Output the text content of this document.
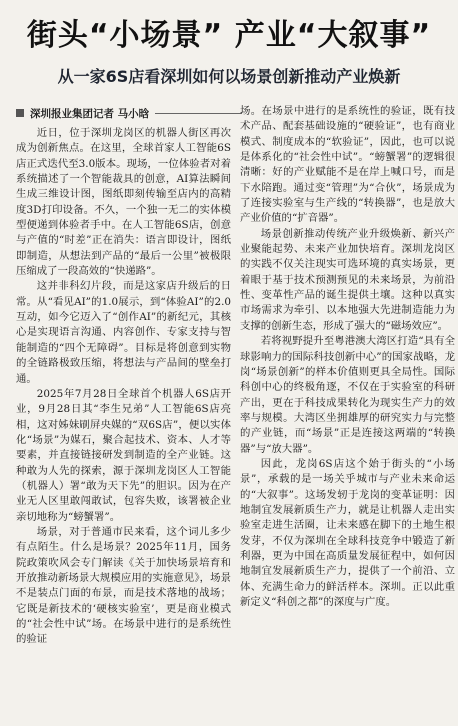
街头“小场景” 产业“大叙事”
从一家6S店看深圳如何以场景创新推动产业焕新
深圳报业集团记者 马小晗

近日，位于深圳龙岗区的机器人街区再次成为创新焦点。在这里，全球首家人工智能6S店正式迭代至3.0版本。现场，一位体验者对着系统描述了一个智能裁具的创意，AI算法瞬间生成三维设计图，图纸即刻传输至店内的高精度3D打印设备。不久，一个独一无二的实体模型便递到体验者手中。在人工智能6S店，创意与产值的“时差”正在消失：语言即设计，图纸即制造，从想法到产品的“最后一公里”被极限压缩成了一段高效的“快递路”。

这并非科幻片段，而是这家店升级后的日常。从“看见AI”的1.0展示，到“体验AI”的2.0互动，如今它迈入了“创作AI”的新纪元，其核心是实现语言沟通、内容创作、专家支持与智能制造的“四个无障碍”。目标是将创意到实物的全链路极致压缩，将想法与产品间的壁垒打通。

2025年7月28日全球首个机器人6S店开业，9月28日其“李生兄弟”人工智能6S店亮相，这对姊妹刷屏央媒的“双6S店”，便以实体化“场景”为媒石，聚合起技术、资本、人才等要素，并直接链接研发到制造的全产业链。这种敢为人先的探索，源于深圳龙岗区人工智能（机器人）署“敢为天下先”的胆识。因为在产业无人区里敢闯敢试，包容失败，该署被企业亲切地称为“螃蟹署”。

场景，对于普通市民来看，这个词儿多少有点陌生。什么是场景？2025年11月，国务院政策吹风会专门解读《关于加快场景培育和开放推动新场景大规模应用的实施意见》，场景不是装点门面的布景，而是技术落地的战场；它既是新技术的‘硬核实验室’，更是商业模式的“社会性中试”场。在场景中进行的是系统性的验证

场。在场景中进行的是系统性的验证，既有技术产品、配套基础设施的“硬验证”，也有商业模式、制度成本的“软验证”，因此，也可以说是体系化的“社会性中试”。“螃蟹署”的逻辑很清晰：好的产业赋能不是在岸上喊口号，而是下水陪跑。通过变“管理”为“合伙”，场景成为了连接实验室与生产线的“转换器”，也是放大产业价值的“扩音器”。

场景创新推动传统产业升级焕新、新兴产业聚能起势、未来产业加快培育。深圳龙岗区的实践不仅关注现实可选环境的真实场景，更着眼于基于技术预测预见的未来场景，为前沿性、变革性产品的诞生提供土壤。这种以真实市场需求为牵引、以本地强大先进制造能力为支撑的创新生态，形成了强大的“磁场效应”。

若将视野提升至粤港澳大湾区打造“具有全球影响力的国际科技创新中心”的国家战略，龙岗“场景创新”的样本价值则更具全局性。国际科创中心的终极角逐，不仅在于实验室的科研产出，更在于科技成果转化为现实生产力的效率与规模。大湾区坐拥雄厚的研究实力与完整的产业链，而“场景”正是连接这两端的“转换器”与“放大器”。

因此，龙岗6S店这个始于街头的“小场景”，承载的是一场关乎城市与产业未来命运的“大叙事”。这场发轫于龙岗的变革证明：因地制宜发展新质生产力，就是让机器人走出实验室走进生活圈，让未来感在脚下的土地生根发芽，不仅为深圳在全球科技竞争中锻造了新利器，更为中国在高质量发展征程中，如何因地制宜发展新质生产力，提供了一个前沿、立体、充满生命力的鲜活样本。深圳。正以此重新定义“科创之都”的深度与广度。
